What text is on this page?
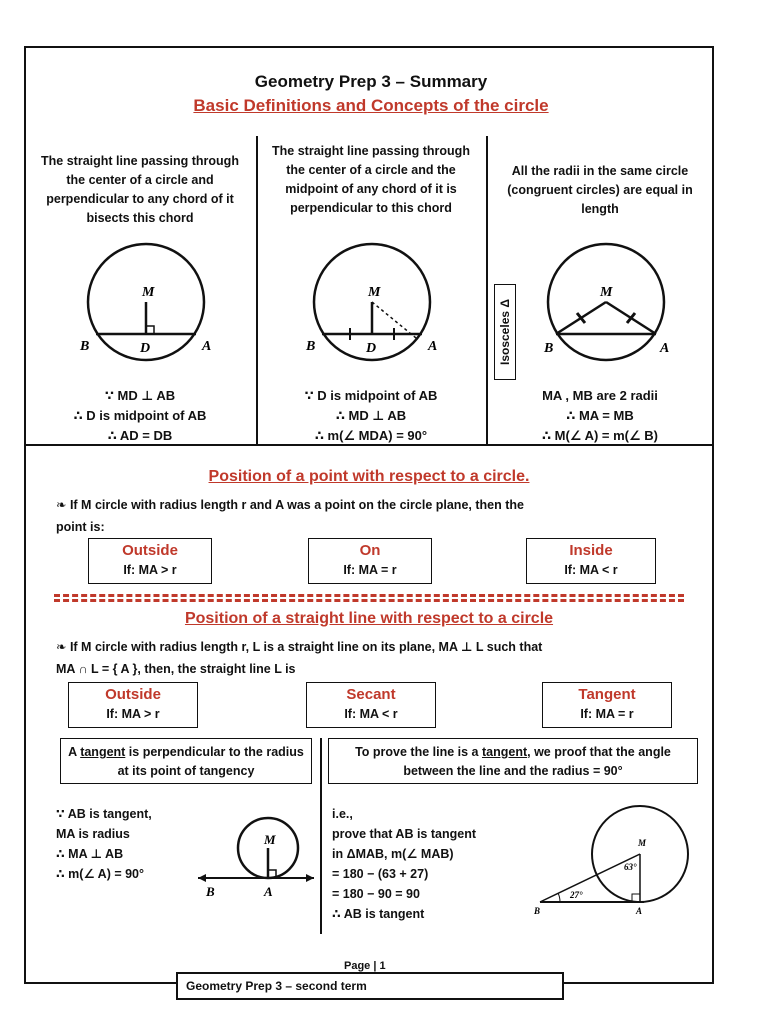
Geometry Prep 3 – Summary
Basic Definitions and Concepts of the circle
The straight line passing through the center of a circle and perpendicular to any chord of it bisects this chord
M
B	D	A
∵ MD ⊥ AB
∴ D is midpoint of AB
∴ AD = DB
The straight line passing through the center of a circle and the midpoint of any chord of it is perpendicular to this chord
M
B	D	A
∵ D is midpoint of AB
∴ MD ⊥ AB
∴ m(∠ MDA) = 90°
All the radii in the same circle (congruent circles) are equal in length
Isosceles Δ
M
B	A
MA , MB are 2 radii
∴ MA = MB
∴ M(∠ A) = m(∠ B)
Position of a point with respect to a circle.
❧ If M circle with radius length r and A was a point on the circle plane, then the
point is:
Outside
If: MA > r
On
If: MA = r
Inside
If: MA < r
Position of a straight line with respect to a circle
❧ If M circle with radius length r, L is a straight line on its plane, MA ⊥ L such that
MA ∩ L = { A }, then, the straight line L is
Outside
If: MA > r
Secant
If: MA < r
Tangent
If: MA = r
A tangent is perpendicular to the radius at its point of tangency
To prove the line is a tangent, we proof that the angle between the line and the radius = 90°
∵ AB is tangent,
MA is radius
∴ MA ⊥ AB
∴ m(∠ A) = 90°
M
B	A
i.e.,
prove that AB is tangent
in ΔMAB, m(∠ MAB)
= 180 − (63 + 27)
= 180 − 90 = 90
∴ AB is tangent
M
B	A
63°
27°
Page | 1
Geometry Prep 3 – second term
